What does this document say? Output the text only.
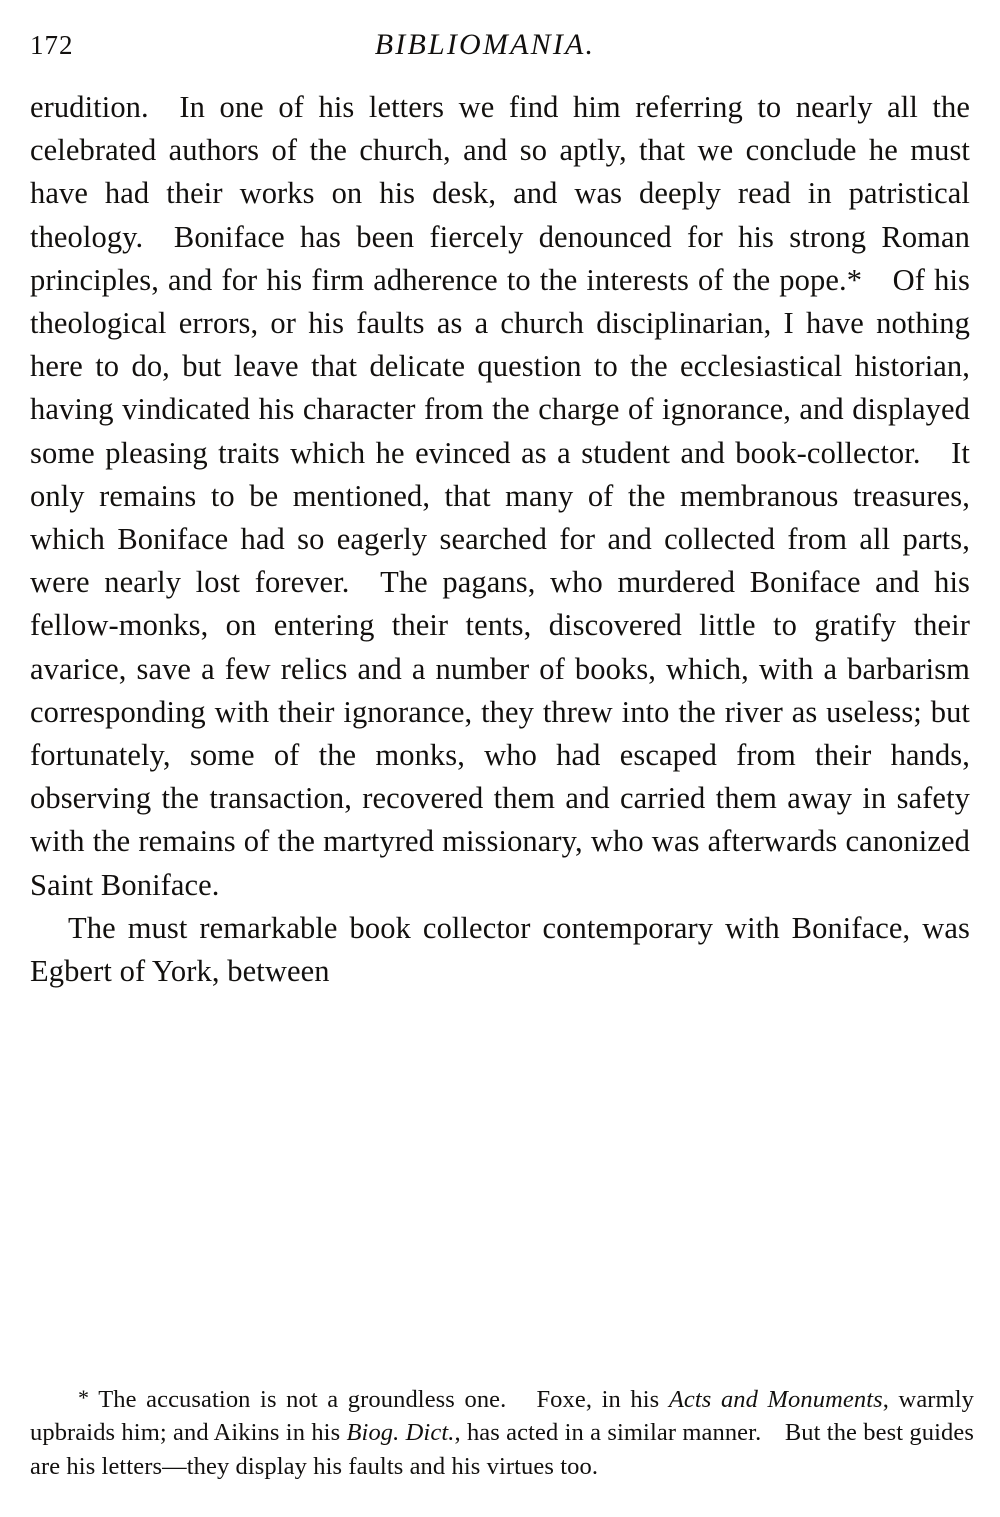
172	BIBLIOMANIA.

erudition. In one of his letters we find him referring to nearly all the celebrated authors of the church, and so aptly, that we conclude he must have had their works on his desk, and was deeply read in patristical theology. Boniface has been fiercely denounced for his strong Roman principles, and for his firm adherence to the interests of the pope.* Of his theological errors, or his faults as a church disciplinarian, I have nothing here to do, but leave that delicate question to the ecclesiastical historian, having vindicated his character from the charge of ignorance, and displayed some pleasing traits which he evinced as a student and book-collector. It only remains to be mentioned, that many of the membranous treasures, which Boniface had so eagerly searched for and collected from all parts, were nearly lost forever. The pagans, who murdered Boniface and his fellow-monks, on entering their tents, discovered little to gratify their avarice, save a few relics and a number of books, which, with a barbarism corresponding with their ignorance, they threw into the river as useless; but fortunately, some of the monks, who had escaped from their hands, observing the transaction, recovered them and carried them away in safety with the remains of the martyred missionary, who was afterwards canonized Saint Boniface.

The must remarkable book collector contemporary with Boniface, was Egbert of York, between

* The accusation is not a groundless one.  Foxe, in his Acts and Monuments, warmly upbraids him; and Aikins in his Biog. Dict., has acted in a similar manner.  But the best guides are his letters—they display his faults and his virtues too.
